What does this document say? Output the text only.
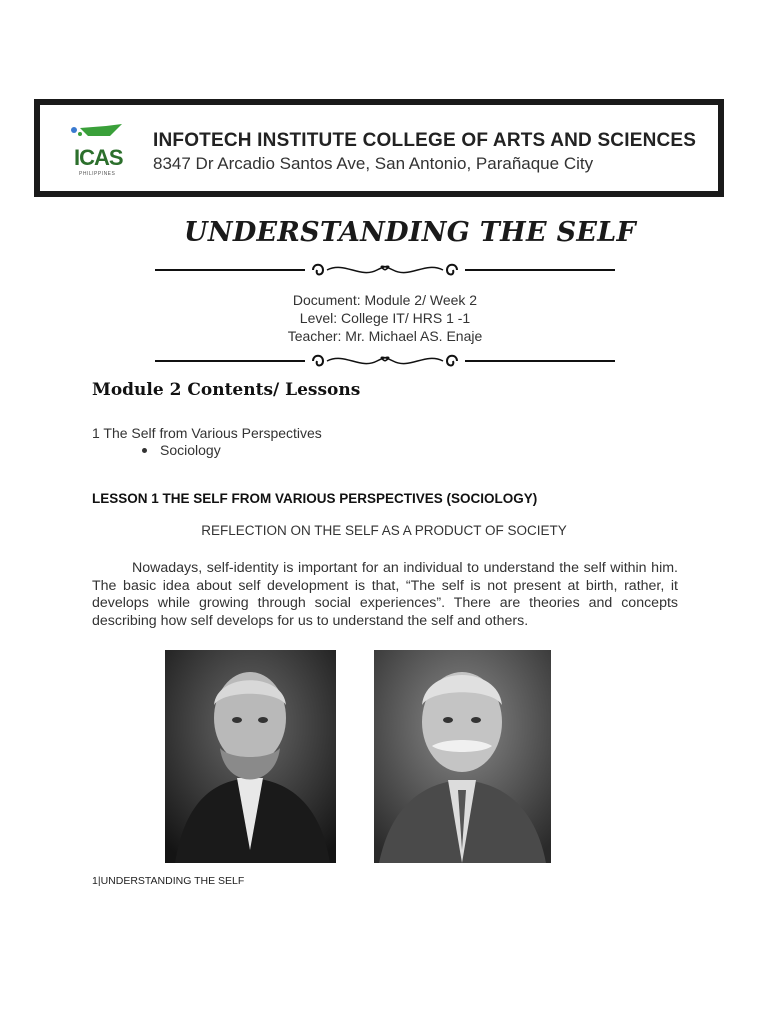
ICAS
PHILIPPINES
INFOTECH INSTITUTE COLLEGE OF ARTS AND SCIENCES
8347 Dr Arcadio Santos Ave, San Antonio, Parañaque City
UNDERSTANDING THE SELF
Document: Module 2/ Week 2
Level: College IT/ HRS 1 -1
Teacher: Mr. Michael AS. Enaje
Module 2 Contents/ Lessons
1 The Self from Various Perspectives
Sociology
LESSON 1 THE SELF FROM VARIOUS PERSPECTIVES (SOCIOLOGY)
REFLECTION ON THE SELF AS A PRODUCT OF SOCIETY
Nowadays, self-identity is important for an individual to understand the self within him. The basic idea about self development is that, “The self is not present at birth, rather, it develops while growing through social experiences”. There are theories and concepts describing how self develops for us to understand the self and others.
1|UNDERSTANDING THE SELF
